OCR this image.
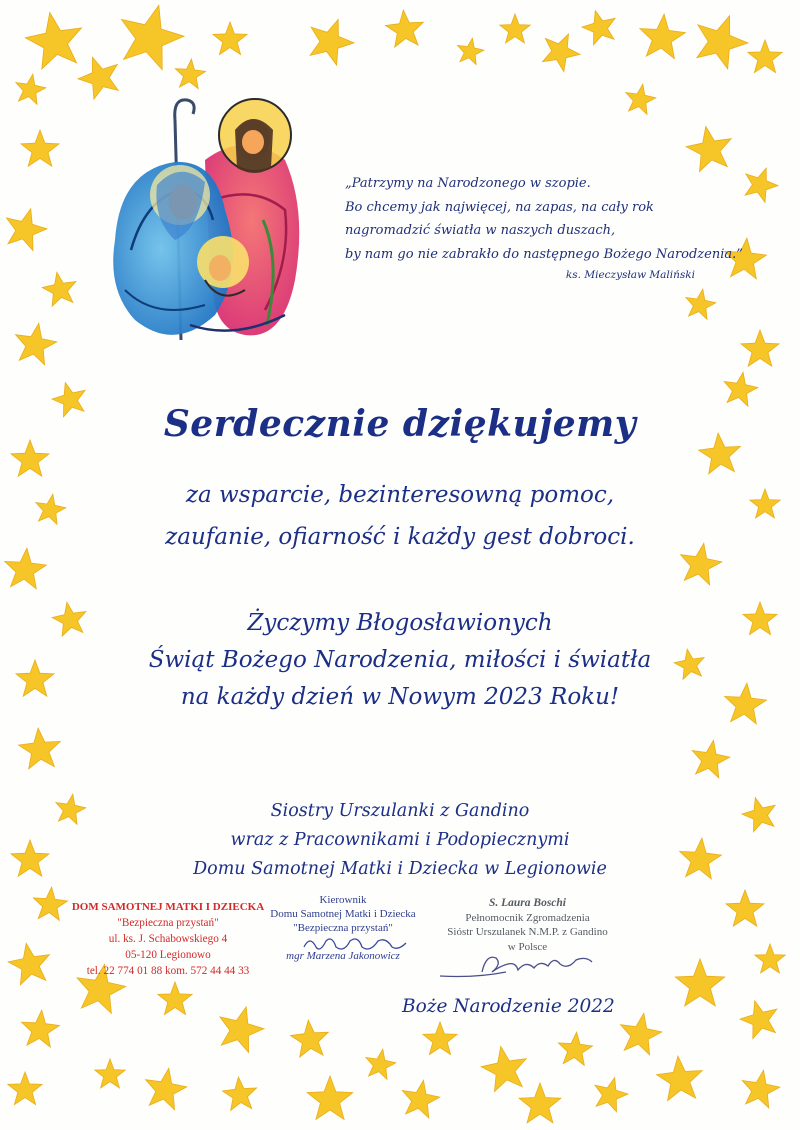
„Patrzymy na Narodzonego w szopie.
Bo chcemy jak najwięcej, na zapas, na cały rok
nagromadzić światła w naszych duszach,
by nam go nie zabrakło do następnego Bożego Narodzenia.”
ks. Mieczysław Maliński
Serdecznie dziękujemy
za wsparcie, bezinteresowną pomoc,
zaufanie, ofiarność i każdy gest dobroci.
Życzymy Błogosławionych
Świąt Bożego Narodzenia, miłości i światła
na każdy dzień w Nowym 2023 Roku!
Siostry Urszulanki z Gandino
wraz z Pracownikami i Podopiecznymi
Domu Samotnej Matki i Dziecka w Legionowie
DOM SAMOTNEJ MATKI I DZIECKA
"Bezpieczna przystań"
ul. ks. J. Schabowskiego 4
05-120 Legionowo
tel. 22 774 01 88 kom. 572 44 44 33
Kierownik
Domu Samotnej Matki i Dziecka
"Bezpieczna przystań"
mgr Marzena Jakonowicz
S. Laura Boschi
Pełnomocnik Zgromadzenia
Sióstr Urszulanek N.M.P. z Gandino
w Polsce
Boże Narodzenie 2022
